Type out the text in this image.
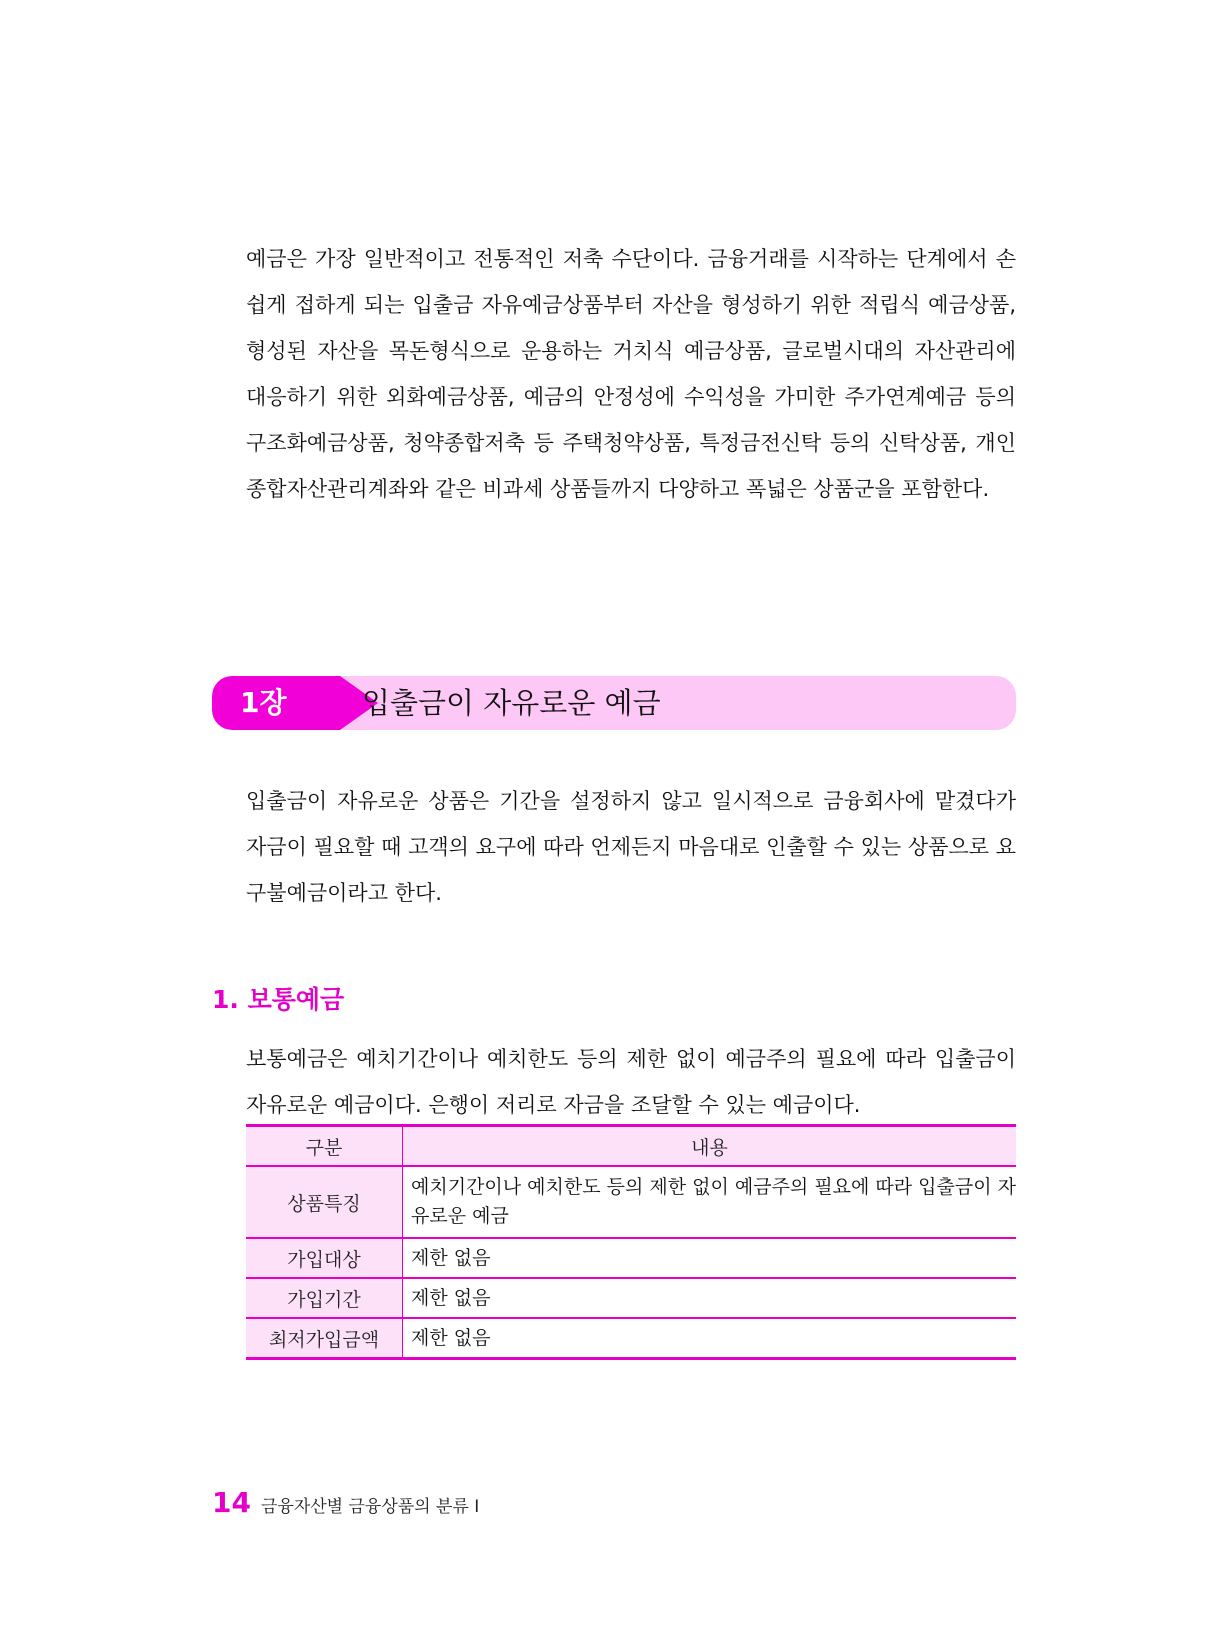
예금은 가장 일반적이고 전통적인 저축 수단이다. 금융거래를 시작하는 단계에서 손쉽게 접하게 되는 입출금 자유예금상품부터 자산을 형성하기 위한 적립식 예금상품, 형성된 자산을 목돈형식으로 운용하는 거치식 예금상품, 글로벌시대의 자산관리에 대응하기 위한 외화예금상품, 예금의 안정성에 수익성을 가미한 주가연계예금 등의 구조화예금상품, 청약종합저축 등 주택청약상품, 특정금전신탁 등의 신탁상품, 개인종합자산관리계좌와 같은 비과세 상품들까지 다양하고 폭넓은 상품군을 포함한다.

1장	입출금이 자유로운 예금

입출금이 자유로운 상품은 기간을 설정하지 않고 일시적으로 금융회사에 맡겼다가 자금이 필요할 때 고객의 요구에 따라 언제든지 마음대로 인출할 수 있는 상품으로 요구불예금이라고 한다.

1. 보통예금

보통예금은 예치기간이나 예치한도 등의 제한 없이 예금주의 필요에 따라 입출금이 자유로운 예금이다. 은행이 저리로 자금을 조달할 수 있는 예금이다.

구분	내용
상품특징	예치기간이나 예치한도 등의 제한 없이 예금주의 필요에 따라 입출금이 자유로운 예금
가입대상	제한 없음
가입기간	제한 없음
최저가입금액	제한 없음
14 금융자산별 금융상품의 분류 I
